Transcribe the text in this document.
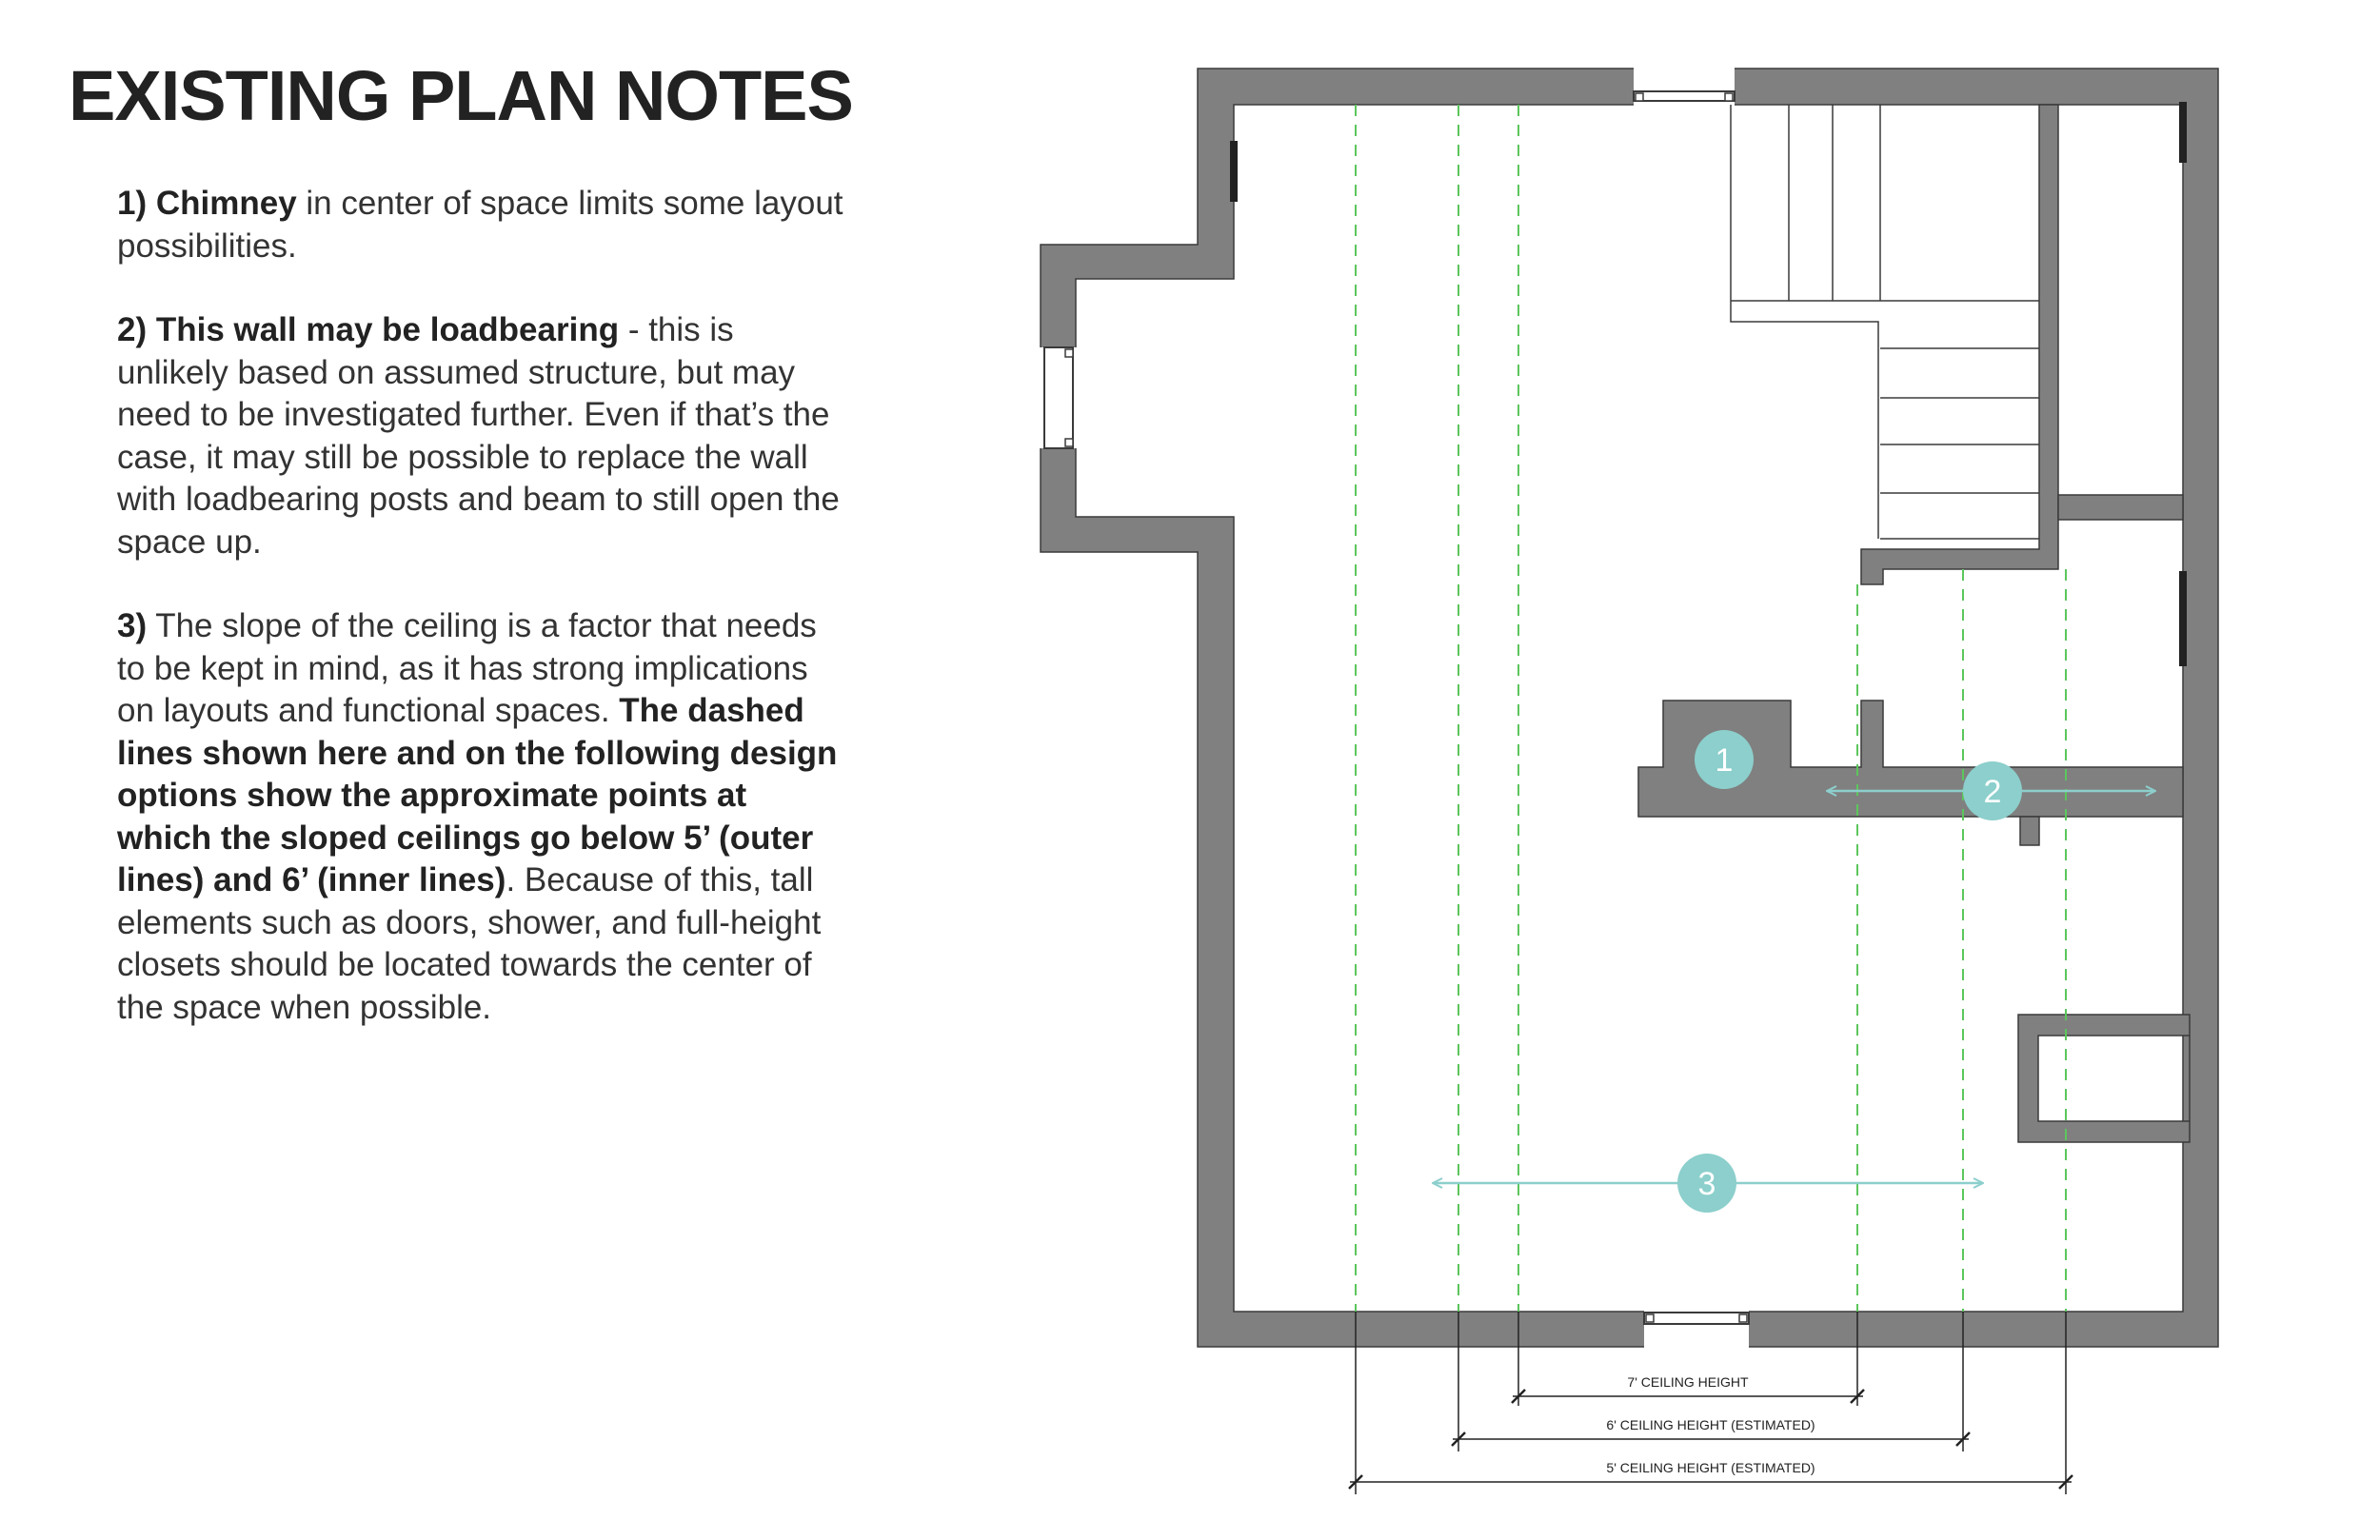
EXISTING PLAN NOTES

1) Chimney in center of space limits some layout possibilities.

2) This wall may be loadbearing - this is unlikely based on assumed structure, but may need to be investigated further. Even if that’s the case, it may still be possible to replace the wall with loadbearing posts and beam to still open the space up.

3) The slope of the ceiling is a factor that needs to be kept in mind, as it has strong implications on layouts and functional spaces. The dashed lines shown here and on the following design options show the approximate points at which the sloped ceilings go below 5’ (outer lines) and 6’ (inner lines). Because of this, tall elements such as doors, shower, and full-height closets should be located towards the center of the space when possible.

1
2
3
7' CEILING HEIGHT
6' CEILING HEIGHT (ESTIMATED)
5' CEILING HEIGHT (ESTIMATED)
